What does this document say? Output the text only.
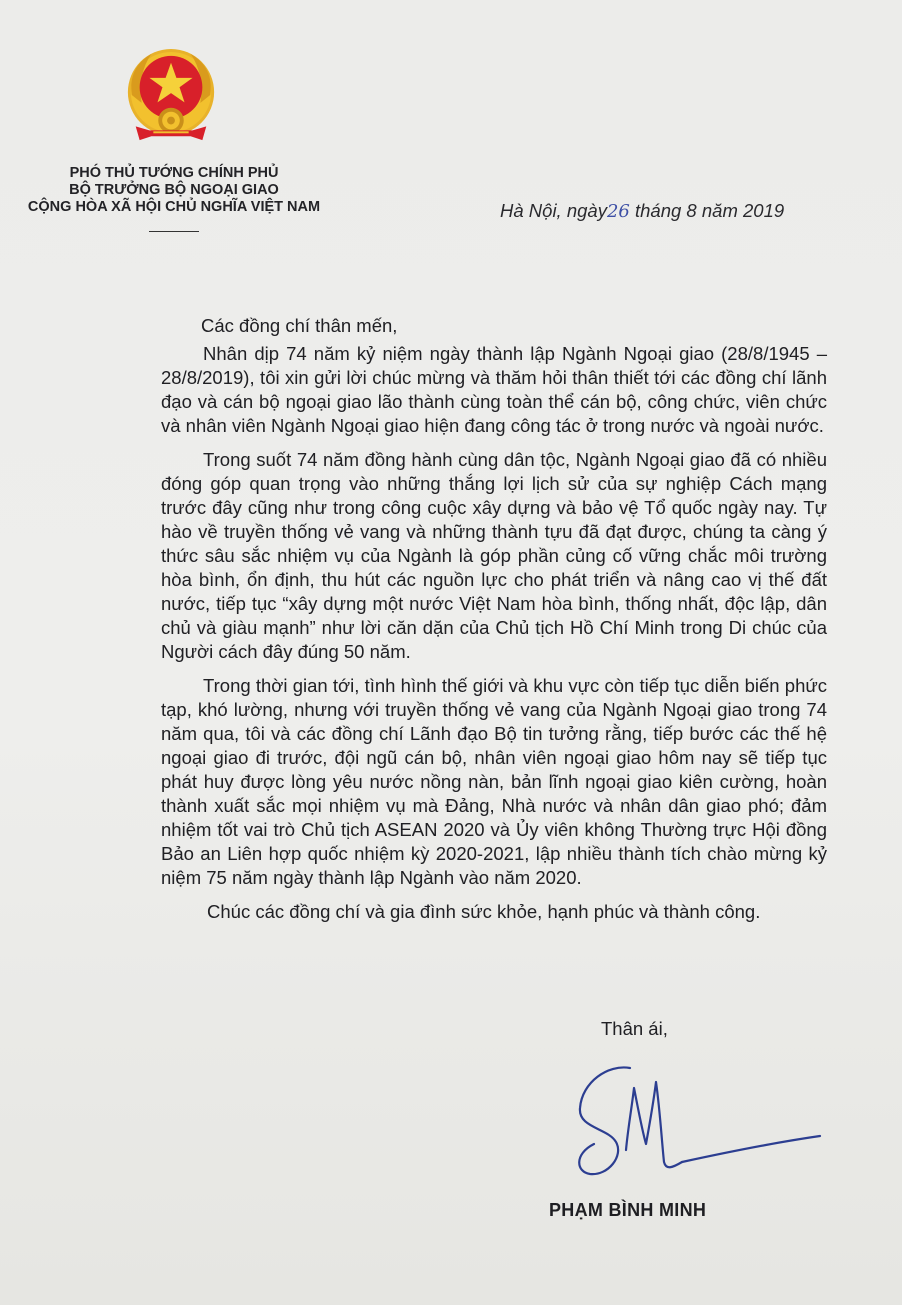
PHÓ THỦ TƯỚNG CHÍNH PHỦ
BỘ TRƯỞNG BỘ NGOẠI GIAO
CỘNG HÒA XÃ HỘI CHỦ NGHĨA VIỆT NAM	Hà Nội, ngày26 tháng 8 năm 2019

Các đồng chí thân mến,

Nhân dịp 74 năm kỷ niệm ngày thành lập Ngành Ngoại giao (28/8/1945 – 28/8/2019), tôi xin gửi lời chúc mừng và thăm hỏi thân thiết tới các đồng chí lãnh đạo và cán bộ ngoại giao lão thành cùng toàn thể cán bộ, công chức, viên chức và nhân viên Ngành Ngoại giao hiện đang công tác ở trong nước và ngoài nước.

Trong suốt 74 năm đồng hành cùng dân tộc, Ngành Ngoại giao đã có nhiều đóng góp quan trọng vào những thắng lợi lịch sử của sự nghiệp Cách mạng trước đây cũng như trong công cuộc xây dựng và bảo vệ Tổ quốc ngày nay. Tự hào về truyền thống vẻ vang và những thành tựu đã đạt được, chúng ta càng ý thức sâu sắc nhiệm vụ của Ngành là góp phần củng cố vững chắc môi trường hòa bình, ổn định, thu hút các nguồn lực cho phát triển và nâng cao vị thế đất nước, tiếp tục “xây dựng một nước Việt Nam hòa bình, thống nhất, độc lập, dân chủ và giàu mạnh” như lời căn dặn của Chủ tịch Hồ Chí Minh trong Di chúc của Người cách đây đúng 50 năm.

Trong thời gian tới, tình hình thế giới và khu vực còn tiếp tục diễn biến phức tạp, khó lường, nhưng với truyền thống vẻ vang của Ngành Ngoại giao trong 74 năm qua, tôi và các đồng chí Lãnh đạo Bộ tin tưởng rằng, tiếp bước các thế hệ ngoại giao đi trước, đội ngũ cán bộ, nhân viên ngoại giao hôm nay sẽ tiếp tục phát huy được lòng yêu nước nồng nàn, bản lĩnh ngoại giao kiên cường, hoàn thành xuất sắc mọi nhiệm vụ mà Đảng, Nhà nước và nhân dân giao phó; đảm nhiệm tốt vai trò Chủ tịch ASEAN 2020 và Ủy viên không Thường trực Hội đồng Bảo an Liên hợp quốc nhiệm kỳ 2020-2021, lập nhiều thành tích chào mừng kỷ niệm 75 năm ngày thành lập Ngành vào năm 2020.

Chúc các đồng chí và gia đình sức khỏe, hạnh phúc và thành công.

Thân ái,
PHẠM BÌNH MINH
